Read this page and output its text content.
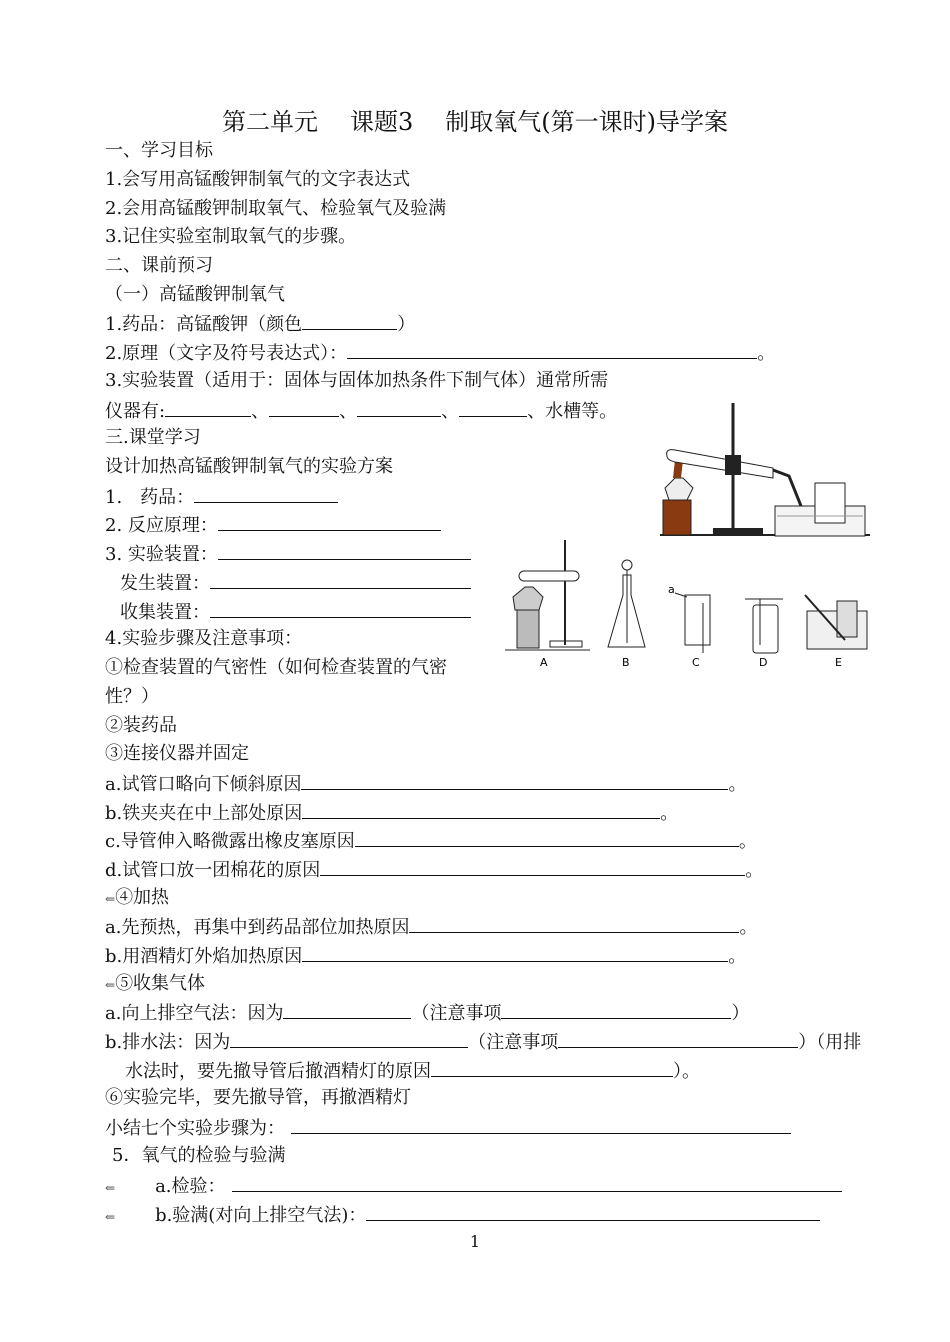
第二单元 课题3 制取氧气(第一课时)导学案
一、学习目标
1.会写用高锰酸钾制氧气的文字表达式
2.会用高锰酸钾制取氧气、检验氧气及验满
3.记住实验室制取氧气的步骤。
二、课前预习
（一）高锰酸钾制氧气
1.药品：高锰酸钾（颜色	）
2.原理（文字及符号表达式）：	。
3.实验装置（适用于：固体与固体加热条件下制气体）通常所需
仪器有:	、	、	、	、水槽等。
三.课堂学习
设计加热高锰酸钾制氧气的实验方案
1.　药品：
2. 反应原理：
3. 实验装置：
发生装置：
收集装置：
4.实验步骤及注意事项：
①检查装置的气密性（如何检查装置的气密
性？）
②装药品
③连接仪器并固定
a.试管口略向下倾斜原因	。
b.铁夹夹在中上部处原因	。
c.导管伸入略微露出橡皮塞原因	。
d.试管口放一团棉花的原因	。
⇐④加热
a.先预热，再集中到药品部位加热原因	。
b.用酒精灯外焰加热原因	。
⇐⑤收集气体
a.向上排空气法：因为	（注意事项	）
b.排水法：因为	（注意事项	）（用排
水法时，要先撤导管后撤酒精灯的原因	）。
⑥实验完毕，要先撤导管，再撤酒精灯
小结七个实验步骤为：
5．氧气的检验与验满
⇐ a.检验：
⇐ b.验满(对向上排空气法)：
A	B	C	D	E
a
1
